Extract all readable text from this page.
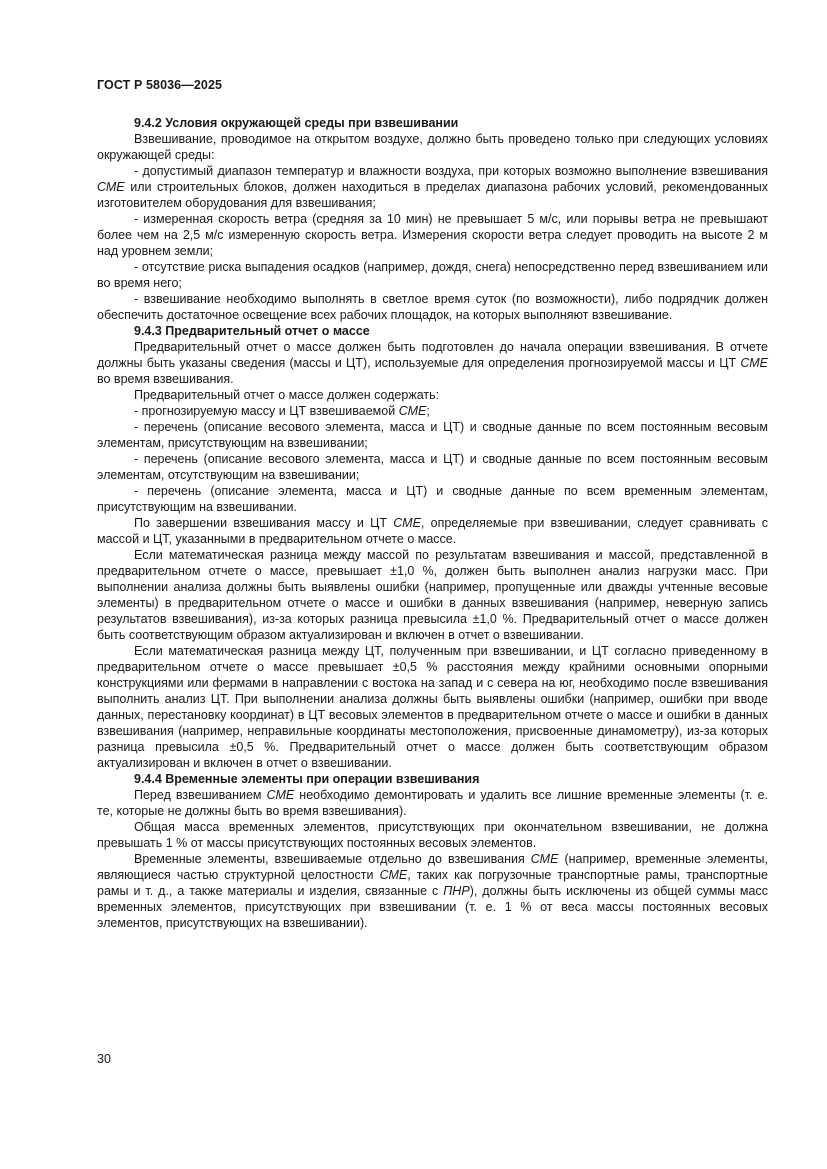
ГОСТ Р 58036—2025

9.4.2 Условия окружающей среды при взвешивании

Взвешивание, проводимое на открытом воздухе, должно быть проведено только при следующих условиях окружающей среды:

- допустимый диапазон температур и влажности воздуха, при которых возможно выполнение взвешивания СМЕ или строительных блоков, должен находиться в пределах диапазона рабочих условий, рекомендованных изготовителем оборудования для взвешивания;

- измеренная скорость ветра (средняя за 10 мин) не превышает 5 м/с, или порывы ветра не превышают более чем на 2,5 м/с измеренную скорость ветра. Измерения скорости ветра следует проводить на высоте 2 м над уровнем земли;

- отсутствие риска выпадения осадков (например, дождя, снега) непосредственно перед взвешиванием или во время него;

- взвешивание необходимо выполнять в светлое время суток (по возможности), либо подрядчик должен обеспечить достаточное освещение всех рабочих площадок, на которых выполняют взвешивание.

9.4.3 Предварительный отчет о массе

Предварительный отчет о массе должен быть подготовлен до начала операции взвешивания. В отчете должны быть указаны сведения (массы и ЦТ), используемые для определения прогнозируемой массы и ЦТ СМЕ во время взвешивания.

Предварительный отчет о массе должен содержать:

- прогнозируемую массу и ЦТ взвешиваемой СМЕ;

- перечень (описание весового элемента, масса и ЦТ) и сводные данные по всем постоянным весовым элементам, присутствующим на взвешивании;

- перечень (описание весового элемента, масса и ЦТ) и сводные данные по всем постоянным весовым элементам, отсутствующим на взвешивании;

- перечень (описание элемента, масса и ЦТ) и сводные данные по всем временным элементам, присутствующим на взвешивании.

По завершении взвешивания массу и ЦТ СМЕ, определяемые при взвешивании, следует сравнивать с массой и ЦТ, указанными в предварительном отчете о массе.

Если математическая разница между массой по результатам взвешивания и массой, представленной в предварительном отчете о массе, превышает ±1,0 %, должен быть выполнен анализ нагрузки масс. При выполнении анализа должны быть выявлены ошибки (например, пропущенные или дважды учтенные весовые элементы) в предварительном отчете о массе и ошибки в данных взвешивания (например, неверную запись результатов взвешивания), из-за которых разница превысила ±1,0 %. Предварительный отчет о массе должен быть соответствующим образом актуализирован и включен в отчет о взвешивании.

Если математическая разница между ЦТ, полученным при взвешивании, и ЦТ согласно приведенному в предварительном отчете о массе превышает ±0,5 % расстояния между крайними основными опорными конструкциями или фермами в направлении с востока на запад и с севера на юг, необходимо после взвешивания выполнить анализ ЦТ. При выполнении анализа должны быть выявлены ошибки (например, ошибки при вводе данных, перестановку координат) в ЦТ весовых элементов в предварительном отчете о массе и ошибки в данных взвешивания (например, неправильные координаты местоположения, присвоенные динамометру), из-за которых разница превысила ±0,5 %. Предварительный отчет о массе должен быть соответствующим образом актуализирован и включен в отчет о взвешивании.

9.4.4 Временные элементы при операции взвешивания

Перед взвешиванием СМЕ необходимо демонтировать и удалить все лишние временные элементы (т. е. те, которые не должны быть во время взвешивания).

Общая масса временных элементов, присутствующих при окончательном взвешивании, не должна превышать 1 % от массы присутствующих постоянных весовых элементов.

Временные элементы, взвешиваемые отдельно до взвешивания СМЕ (например, временные элементы, являющиеся частью структурной целостности СМЕ, таких как погрузочные транспортные рамы, транспортные рамы и т. д., а также материалы и изделия, связанные с ПНР), должны быть исключены из общей суммы масс временных элементов, присутствующих при взвешивании (т. е. 1 % от веса массы постоянных весовых элементов, присутствующих на взвешивании).

30
